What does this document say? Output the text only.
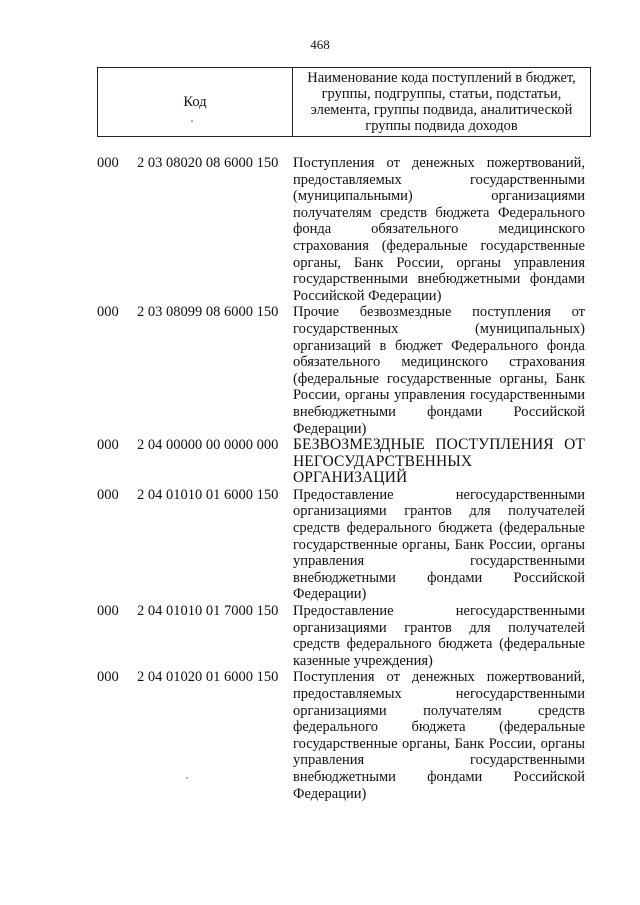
468
Код	Наименование кода поступлений в бюджет, группы, подгруппы, статьи, подстатьи, элемента, группы подвида, аналитической группы подвида доходов
000	2 03 08020 08 6000 150	Поступления от денежных пожертвований, предоставляемых государственными (муниципальными) организациями получателям средств бюджета Федерального фонда обязательного медицинского страхования (федеральные государственные органы, Банк России, органы управления государственными внебюджетными фондами Российской Федерации)
000	2 03 08099 08 6000 150	Прочие безвозмездные поступления от государственных (муниципальных) организаций в бюджет Федерального фонда обязательного медицинского страхования (федеральные государственные органы, Банк России, органы управления государственными внебюджетными фондами Российской Федерации)
000	2 04 00000 00 0000 000 БЕЗВОЗМЕЗДНЫЕ ПОСТУПЛЕНИЯ ОТ НЕГОСУДАРСТВЕННЫХ ОРГАНИЗАЦИЙ
000	2 04 01010 01 6000 150	Предоставление негосударственными организациями грантов для получателей средств федерального бюджета (федеральные государственные органы, Банк России, органы управления государственными внебюджетными фондами Российской Федерации)
000	2 04 01010 01 7000 150	Предоставление негосударственными организациями грантов для получателей средств федерального бюджета (федеральные казенные учреждения)
000	2 04 01020 01 6000 150	Поступления от денежных пожертвований, предоставляемых негосударственными организациями получателям средств федерального бюджета (федеральные государственные органы, Банк России, органы управления государственными внебюджетными фондами Российской Федерации)
